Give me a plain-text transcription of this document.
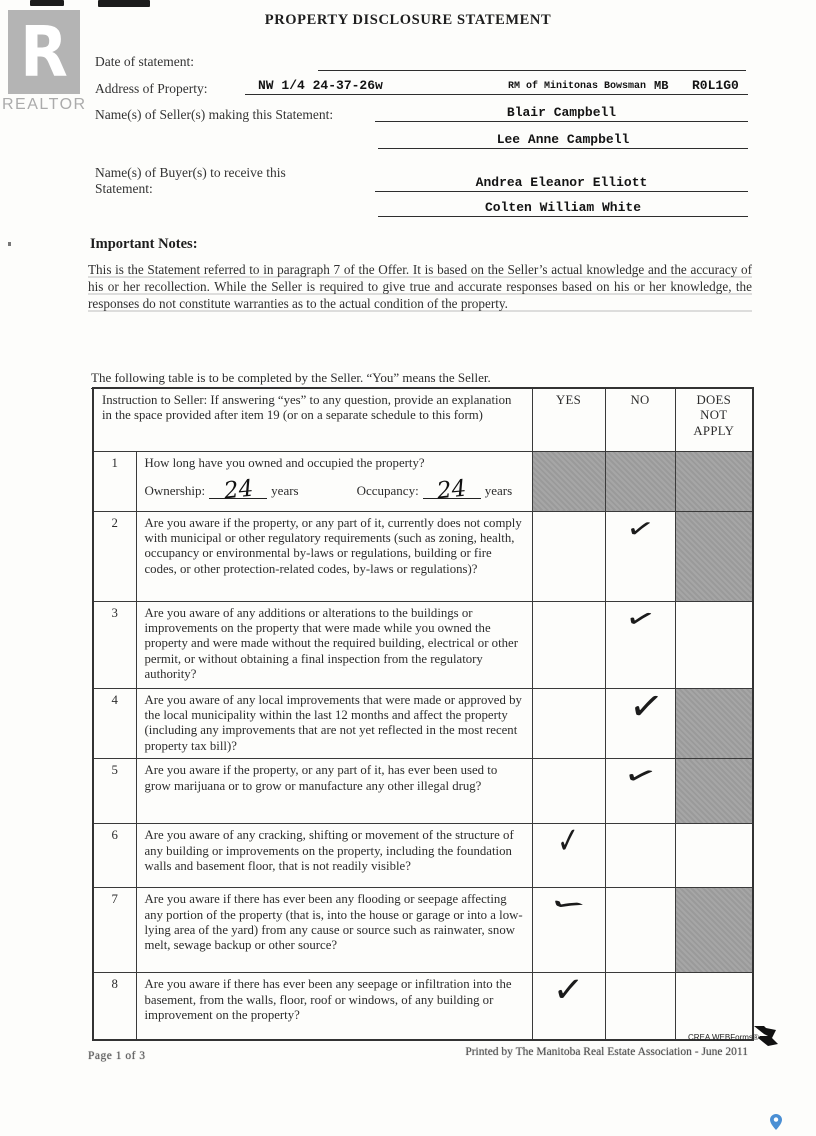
R
REALTOR
PROPERTY DISCLOSURE STATEMENT
Date of statement:
Address of Property:	NW 1/4 24-37-26w	RM of Minitonas Bowsman MB R0L1G0
Name(s) of Seller(s) making this Statement:	Blair Campbell
Lee Anne Campbell
Name(s) of Buyer(s) to receive this
Statement:	Andrea Eleanor Elliott
Colten William White
Important Notes:
This is the Statement referred to in paragraph 7 of the Offer. It is based on the Seller’s actual knowledge and the accuracy of his or her recollection. While the Seller is required to give true and accurate responses based on his or her knowledge, the responses do not constitute warranties as to the actual condition of the property.
The following table is to be completed by the Seller. “You” means the Seller.
Instruction to Seller: If answering “yes” to any question, provide an explanation in the space provided after item 19 (or on a separate schedule to this form)		YES	NO	DOES NOT APPLY
1	How long have you owned and occupied the property?
Ownership: 24 years Occupancy: 24 years			

2	Are you aware if the property, or any part of it, currently does not comply with municipal or other regulatory requirements (such as zoning, health, occupancy or environmental by-laws or regulations, building or fire codes, or other protection-related codes, by-laws or regulations)?		✓	
3	Are you aware of any additions or alterations to the buildings or improvements on the property that were made while you owned the property and were made without the required building, electrical or other permit, or without obtaining a final inspection from the regulatory authority?		✓	
4	Are you aware of any local improvements that were made or approved by the local municipality within the last 12 months and affect the property (including any improvements that are not yet reflected in the most recent property tax bill)?		✓	
5	Are you aware if the property, or any part of it, has ever been used to grow marijuana or to grow or manufacture any other illegal drug?		✓	
6	Are you aware of any cracking, shifting or movement of the structure of any building or improvements on the property, including the foundation walls and basement floor, that is not readily visible?	✓		
7	Are you aware if there has ever been any flooding or seepage affecting any portion of the property (that is, into the house or garage or into a low-lying area of the yard) from any cause or source such as rainwater, snow melt, sewage backup or other source?	✓		
8	Are you aware if there has ever been any seepage or infiltration into the basement, from the walls, floor, roof or windows, of any building or improvement on the property?	✓		
CREA WEBForms®
Page 1 of 3	Printed by The Manitoba Real Estate Association - June 2011
